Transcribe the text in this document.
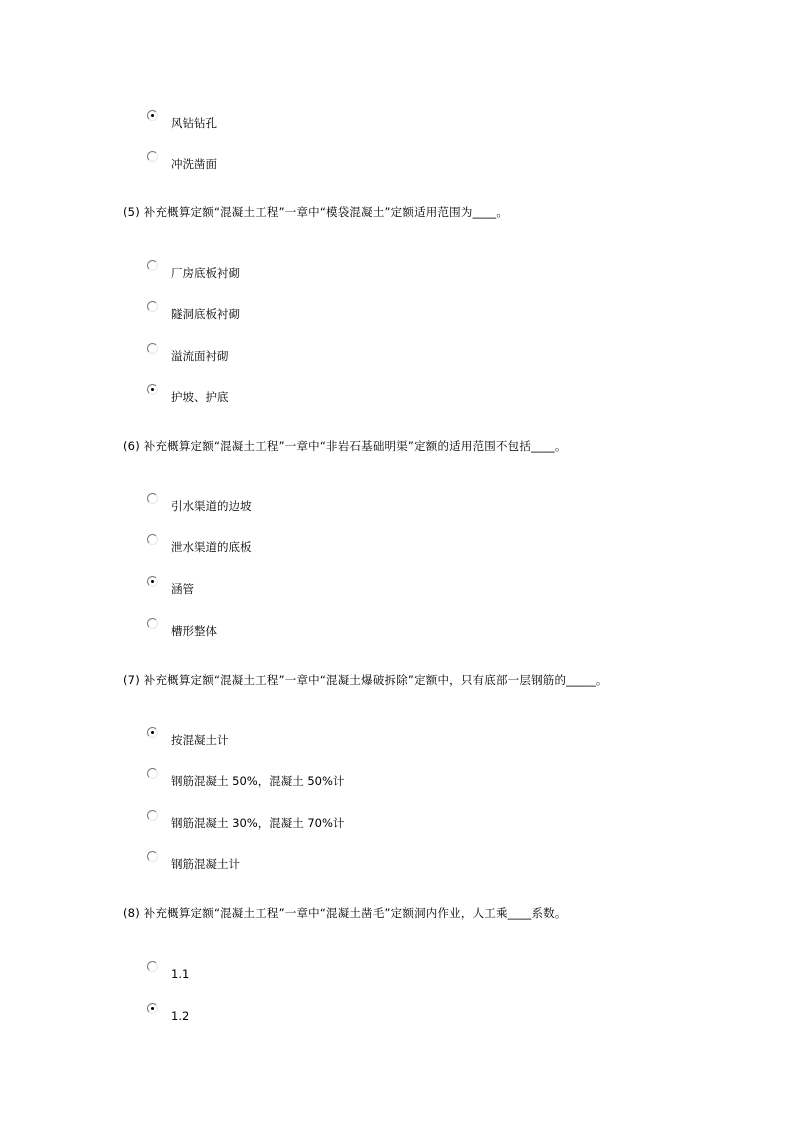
风钻钻孔
冲洗凿面
(5) 补充概算定额“混凝土工程”一章中“模袋混凝土”定额适用范围为____。
厂房底板衬砌
隧洞底板衬砌
溢流面衬砌
护坡、护底
(6) 补充概算定额“混凝土工程”一章中“非岩石基础明渠”定额的适用范围不包括____。
引水渠道的边坡
泄水渠道的底板
涵管
槽形整体
(7) 补充概算定额“混凝土工程”一章中“混凝土爆破拆除”定额中，只有底部一层钢筋的_____。
按混凝土计
钢筋混凝土 50%，混凝土 50%计
钢筋混凝土 30%，混凝土 70%计
钢筋混凝土计
(8) 补充概算定额“混凝土工程”一章中“混凝土凿毛”定额洞内作业，人工乘____系数。
1.1
1.2
